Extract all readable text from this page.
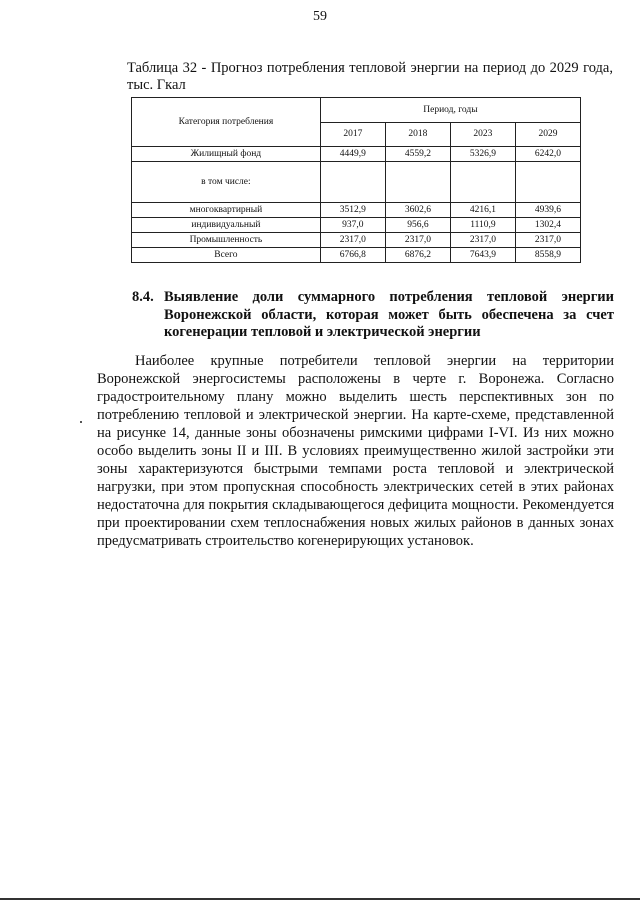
59
Таблица 32 - Прогноз потребления тепловой энергии на период до 2029 года, тыс. Гкал
Категория потребления	Период, годы			
	2017	2018	2023	2029
Жилищный фонд	4449,9	4559,2	5326,9	6242,0
в том числе:				
многоквартирный	3512,9	3602,6	4216,1	4939,6
индивидуальный	937,0	956,6	1110,9	1302,4
Промышленность	2317,0	2317,0	2317,0	2317,0
Всего	6766,8	6876,2	7643,9	8558,9
8.4. Выявление доли суммарного потребления тепловой энергии Воронежской области, которая может быть обеспечена за счет когенерации тепловой и электрической энергии

Наиболее крупные потребители тепловой энергии на территории Воронежской энергосистемы расположены в черте г. Воронежа. Согласно градостроительному плану можно выделить шесть перспективных зон по потреблению тепловой и электрической энергии. На карте-схеме, представленной на рисунке 14, данные зоны обозначены римскими цифрами I-VI. Из них можно особо выделить зоны II и III. В условиях преимущественно жилой застройки эти зоны характеризуются быстрыми темпами роста тепловой и электрической нагрузки, при этом пропускная способность электрических сетей в этих районах недостаточна для покрытия складывающегося дефицита мощности. Рекомендуется при проектировании схем теплоснабжения новых жилых районов в данных зонах предусматривать строительство когенерирующих установок.
